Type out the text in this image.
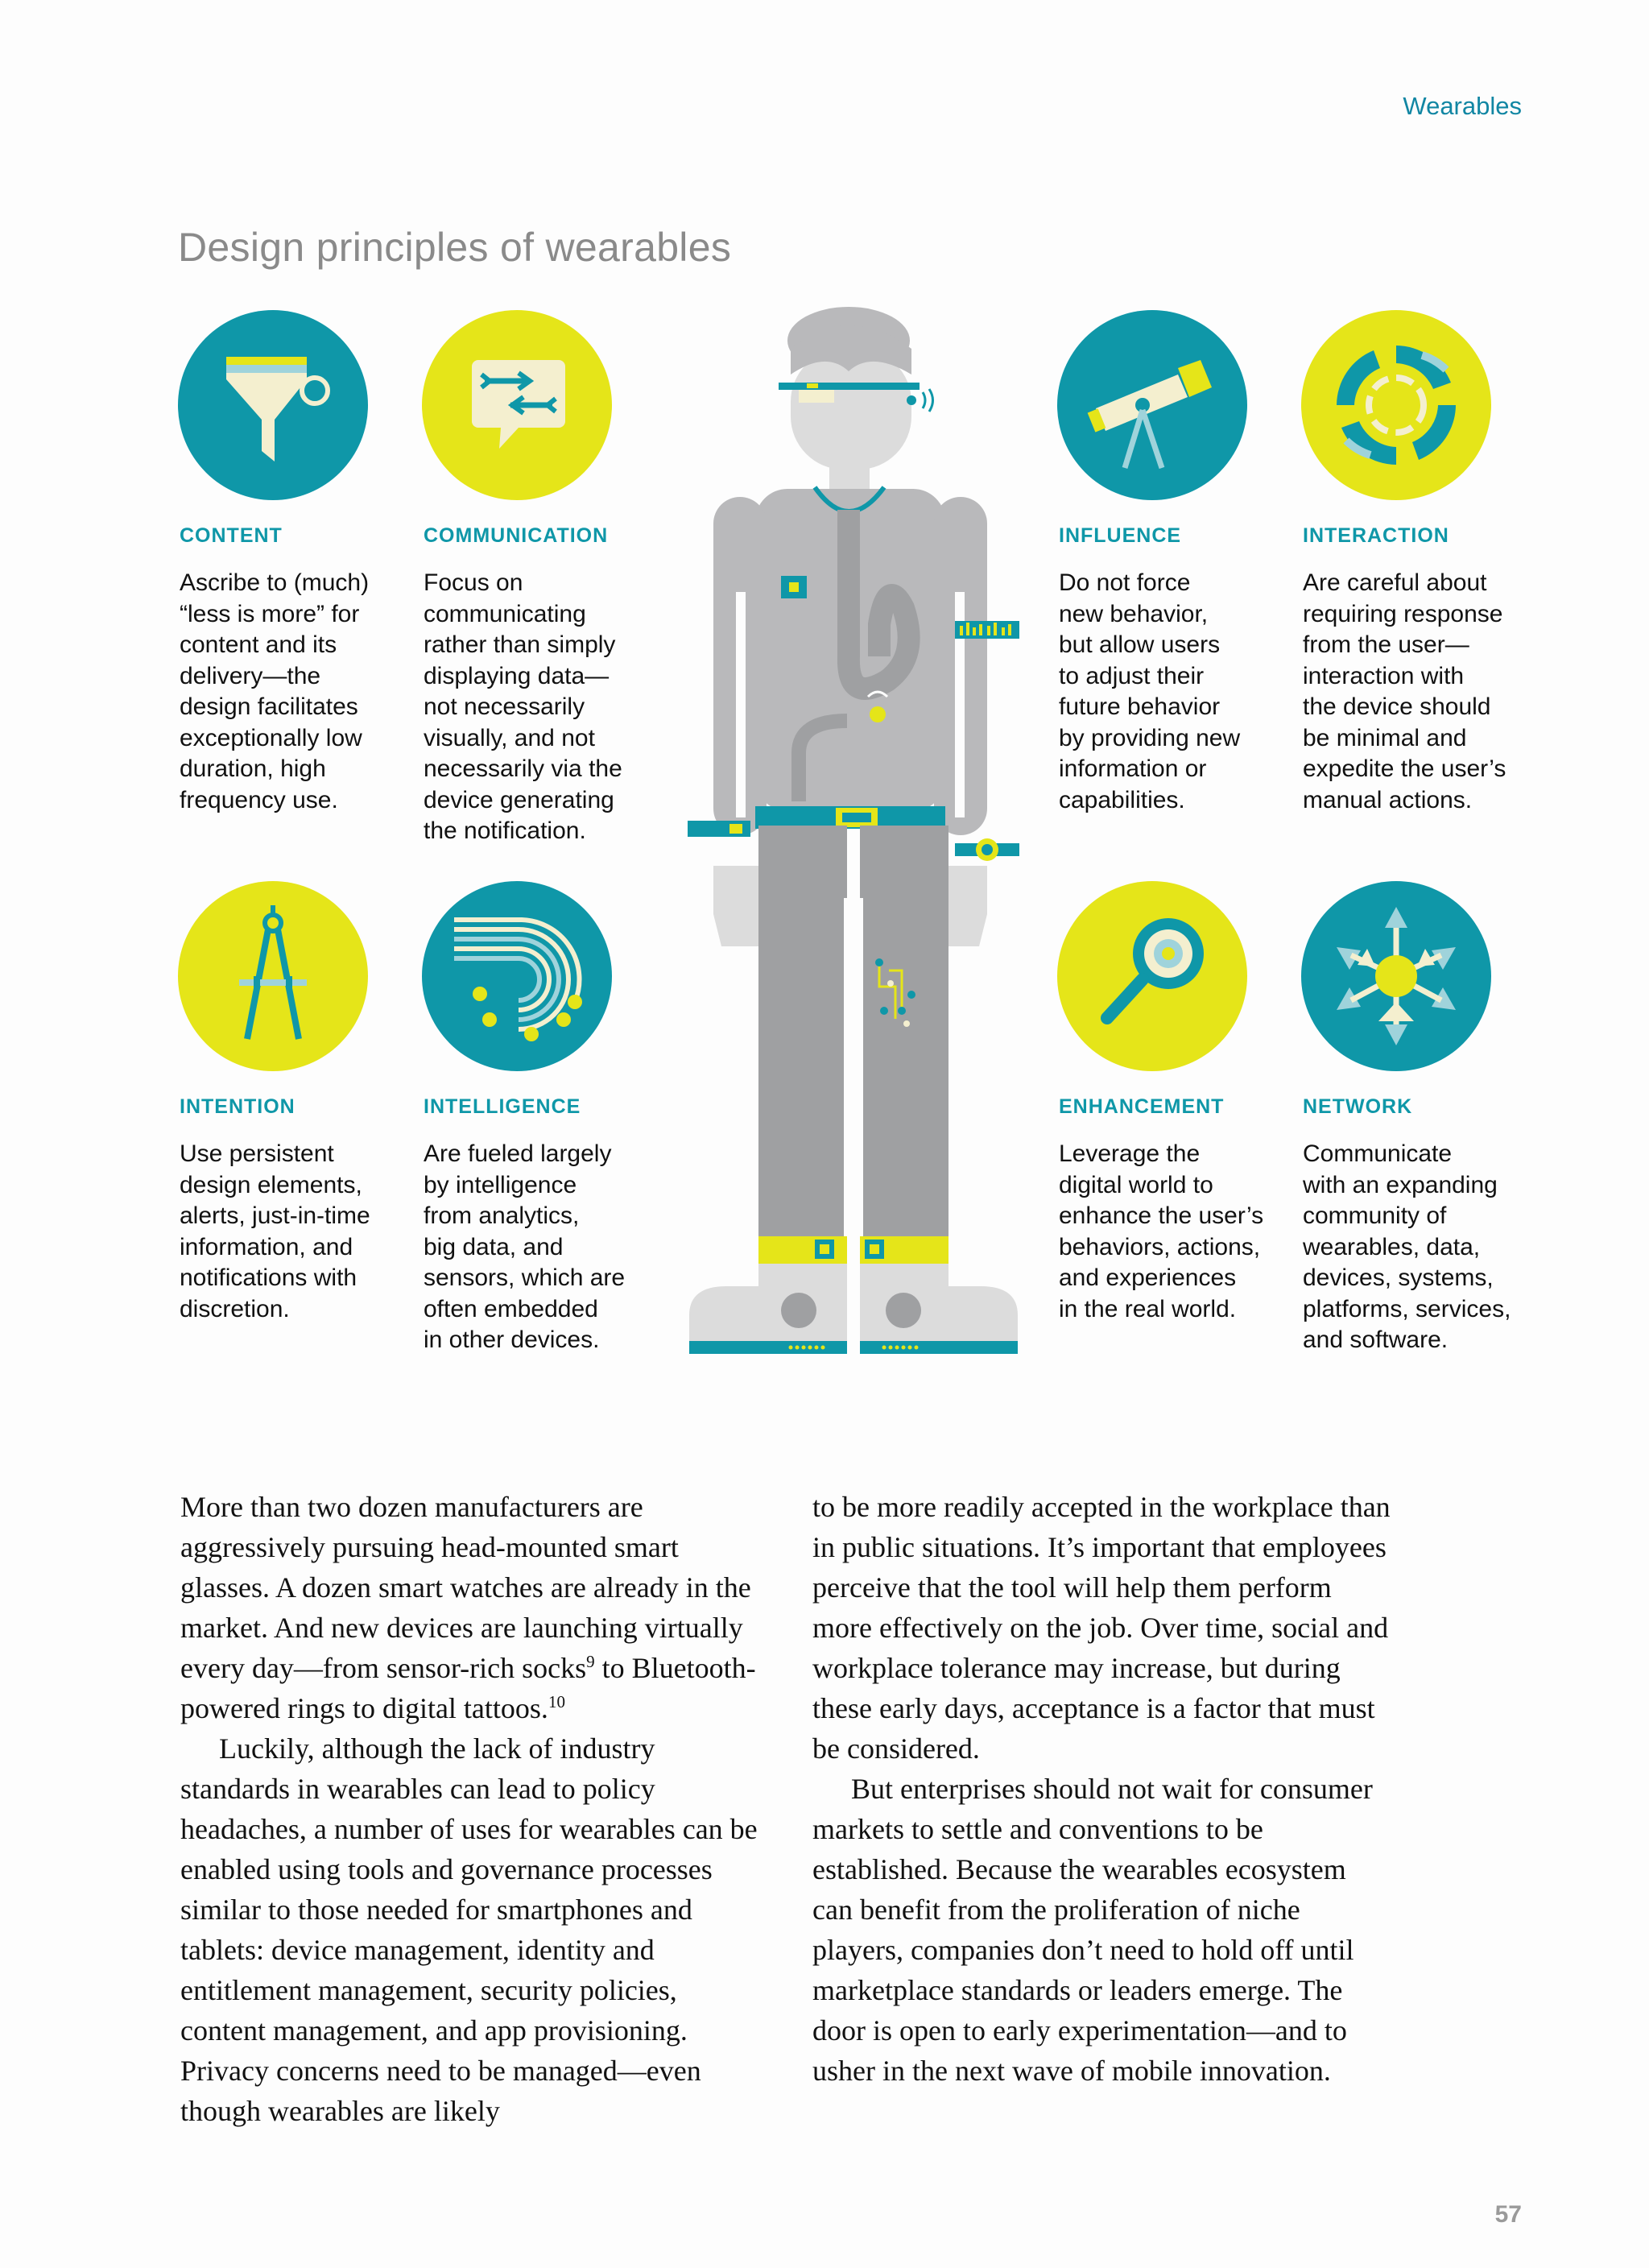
Wearables
Design principles of wearables
CONTENT

Ascribe to (much)
“less is more” for
content and its
delivery—the
design facilitates
exceptionally low
duration, high
frequency use.

COMMUNICATION

Focus on
communicating
rather than simply
displaying data—
not necessarily
visually, and not
necessarily via the
device generating
the notification.

INFLUENCE

Do not force
new behavior,
but allow users
to adjust their
future behavior
by providing new
information or
capabilities.

INTERACTION

Are careful about
requiring response
from the user—
interaction with
the device should
be minimal and
expedite the user’s
manual actions.

INTENTION

Use persistent
design elements,
alerts, just-in-time
information, and
notifications with
discretion.

INTELLIGENCE

Are fueled largely
by intelligence
from analytics,
big data, and
sensors, which are
often embedded
in other devices.

ENHANCEMENT

Leverage the
digital world to
enhance the user’s
behaviors, actions,
and experiences
in the real world.

NETWORK

Communicate
with an expanding
community of
wearables, data,
devices, systems,
platforms, services,
and software.

More than two dozen manufacturers are aggressively pursuing head-mounted smart glasses. A dozen smart watches are already in the market. And new devices are launching virtually every day—from sensor-rich socks$^9$ to Bluetooth-powered rings to digital tattoos.$^{10}$

Luckily, although the lack of industry standards in wearables can lead to policy headaches, a number of uses for wearables can be enabled using tools and governance processes similar to those needed for smartphones and tablets: device management, identity and entitlement management, security policies, content management, and app provisioning. Privacy concerns need to be managed—even though wearables are likely

to be more readily accepted in the workplace than in public situations. It’s important that employees perceive that the tool will help them perform more effectively on the job. Over time, social and workplace tolerance may increase, but during these early days, acceptance is a factor that must be considered.

But enterprises should not wait for consumer markets to settle and conventions to be established. Because the wearables ecosystem can benefit from the proliferation of niche players, companies don’t need to hold off until marketplace standards or leaders emerge. The door is open to early experimentation—and to usher in the next wave of mobile innovation.

57
